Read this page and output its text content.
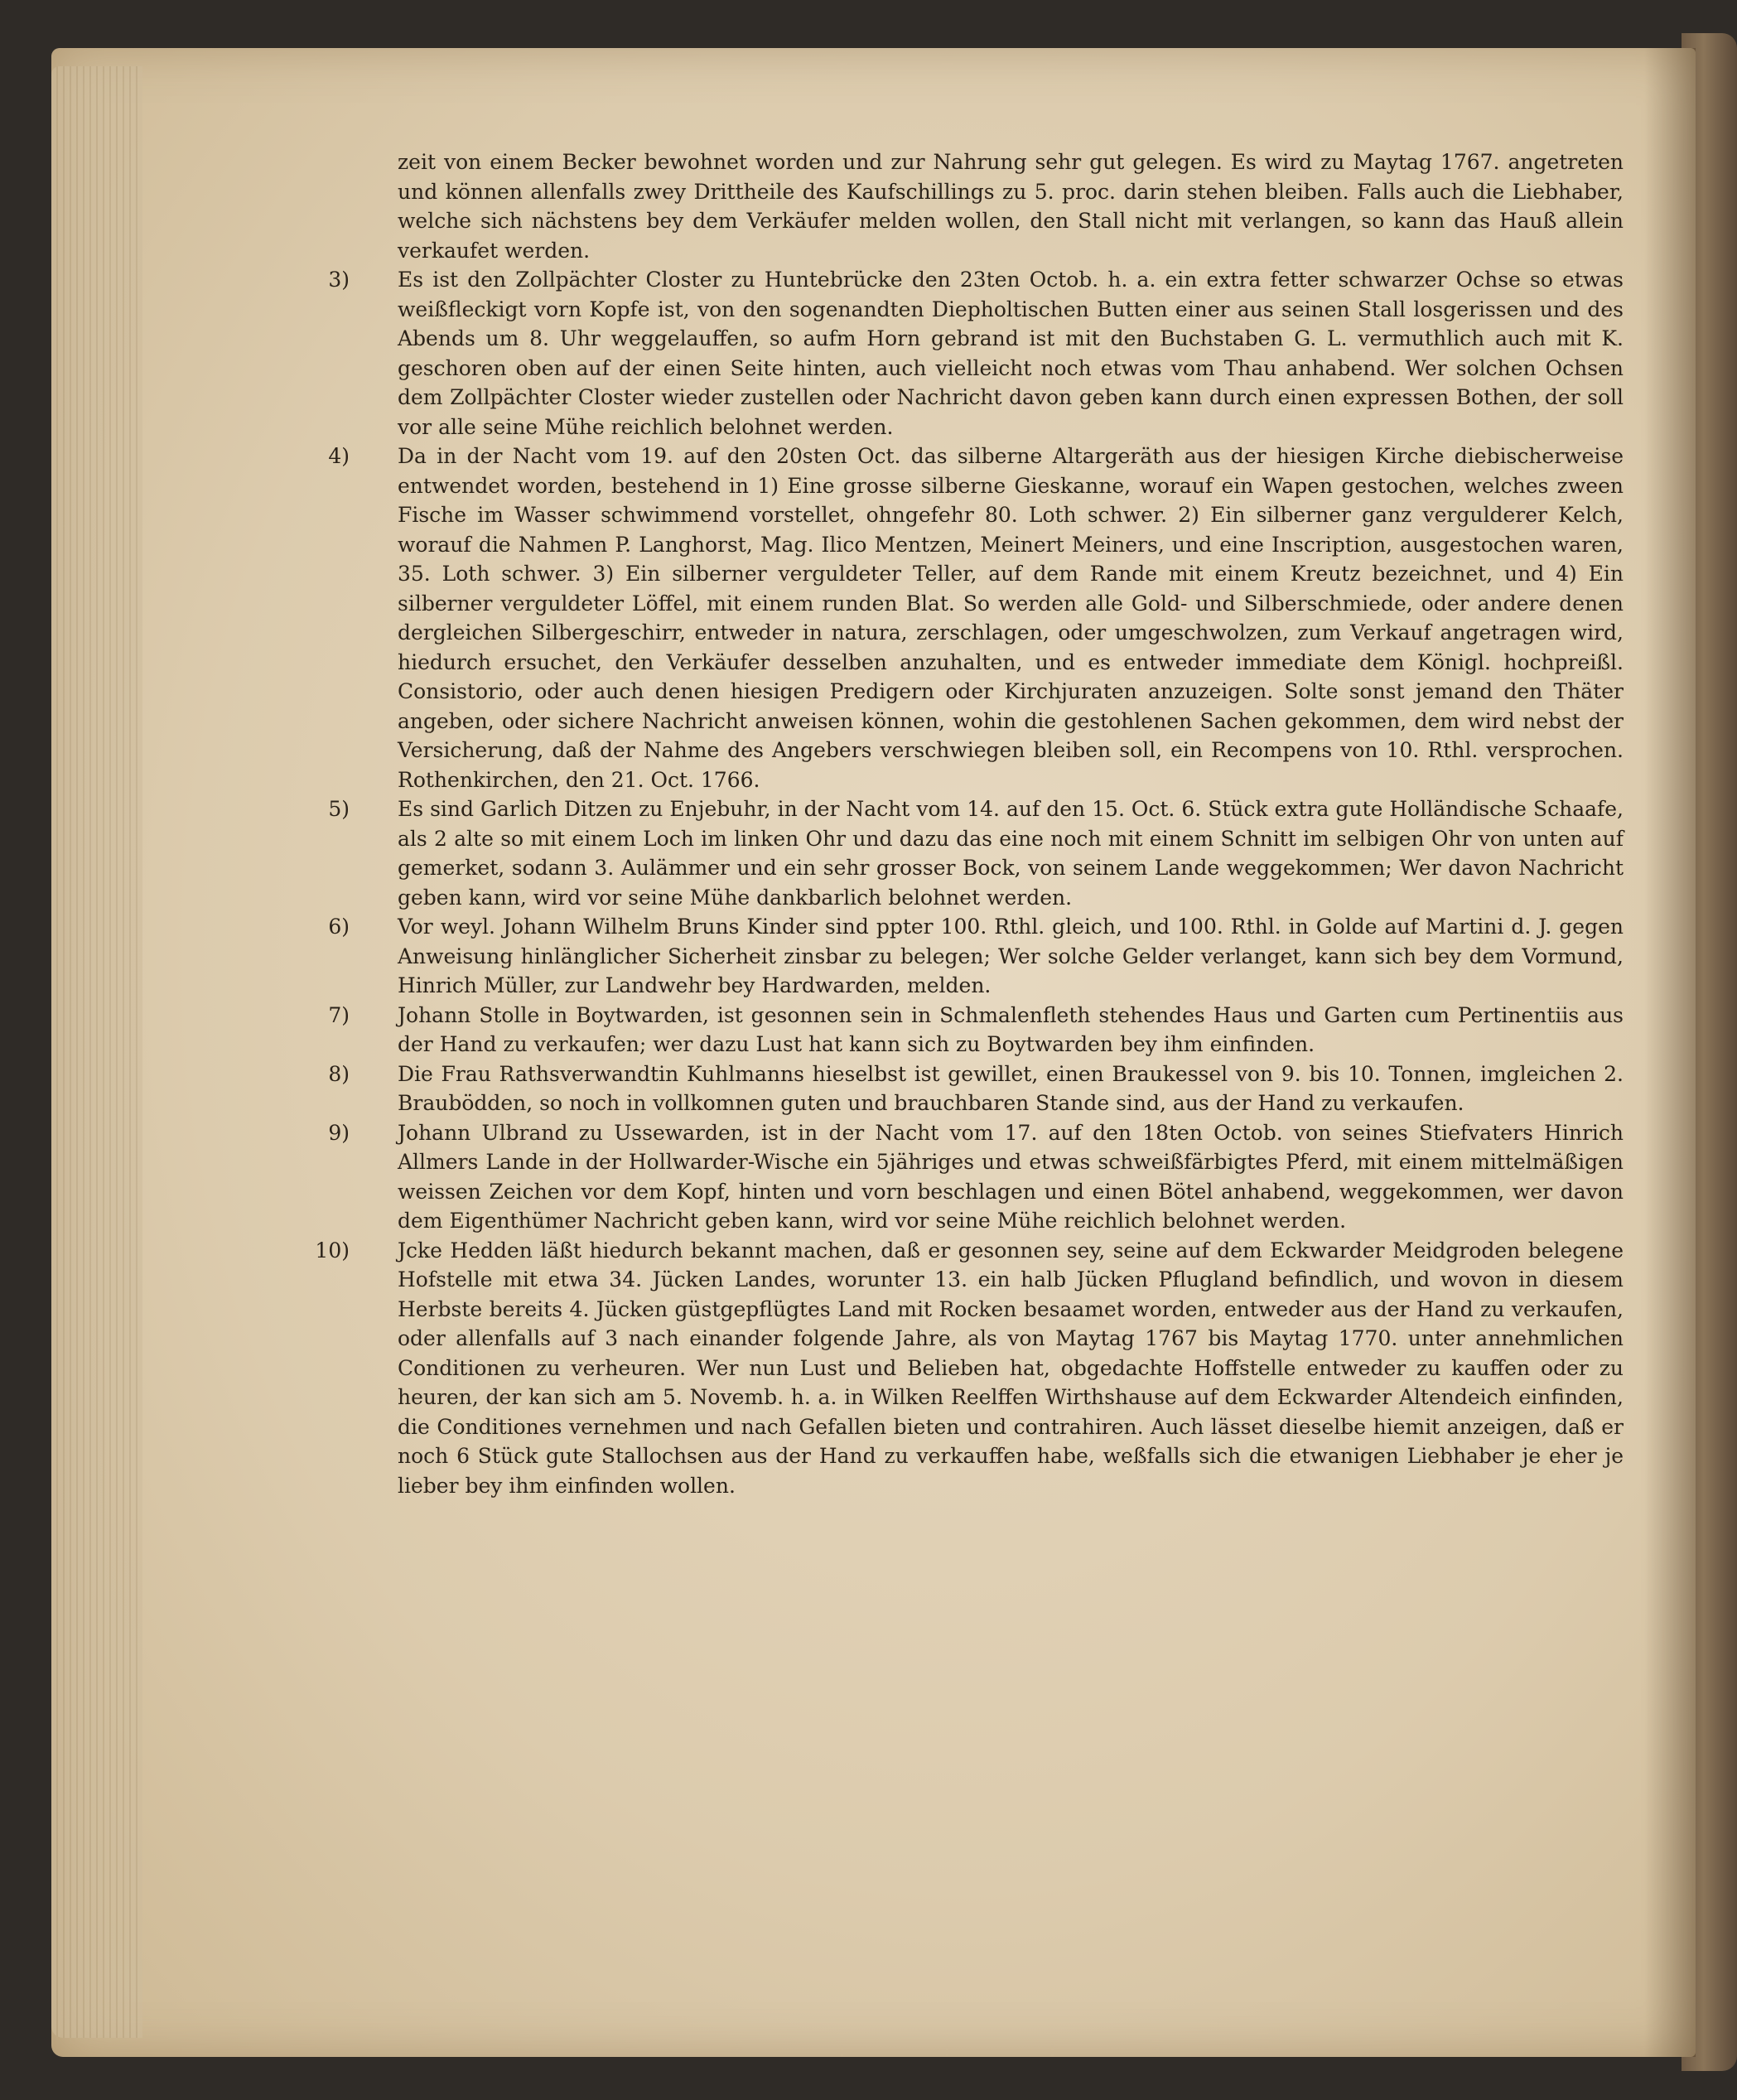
zeit von einem Becker bewohnet worden und zur Nahrung sehr gut gelegen. Es wird zu Maytag 1767. angetreten und können allenfalls zwey Drittheile des Kaufschillings zu 5. proc. darin stehen bleiben. Falls auch die Liebhaber, welche sich nächstens bey dem Verkäufer melden wollen, den Stall nicht mit verlangen, so kann das Hauß allein verkaufet werden.

3) Es ist den Zollpächter Closter zu Huntebrücke den 23ten Octob. h. a. ein extra fetter schwarzer Ochse so etwas weißfleckigt vorn Kopfe ist, von den sogenandten Diepholtischen Butten einer aus seinen Stall losgerissen und des Abends um 8. Uhr weggelauffen, so aufm Horn gebrand ist mit den Buchstaben G. L. vermuthlich auch mit K. geschoren oben auf der einen Seite hinten, auch vielleicht noch etwas vom Thau anhabend. Wer solchen Ochsen dem Zollpächter Closter wieder zustellen oder Nachricht davon geben kann durch einen expressen Bothen, der soll vor alle seine Mühe reichlich belohnet werden.

4) Da in der Nacht vom 19. auf den 20sten Oct. das silberne Altargeräth aus der hiesigen Kirche diebischerweise entwendet worden, bestehend in 1) Eine grosse silberne Gieskanne, worauf ein Wapen gestochen, welches zween Fische im Wasser schwimmend vorstellet, ohngefehr 80. Loth schwer. 2) Ein silberner ganz vergulderer Kelch, worauf die Nahmen P. Langhorst, Mag. Ilico Mentzen, Meinert Meiners, und eine Inscription, ausgestochen waren, 35. Loth schwer. 3) Ein silberner verguldeter Teller, auf dem Rande mit einem Kreutz bezeichnet, und 4) Ein silberner verguldeter Löffel, mit einem runden Blat. So werden alle Gold- und Silberschmiede, oder andere denen dergleichen Silbergeschirr, entweder in natura, zerschlagen, oder umgeschwolzen, zum Verkauf angetragen wird, hiedurch ersuchet, den Verkäufer desselben anzuhalten, und es entweder immediate dem Königl. hochpreißl. Consistorio, oder auch denen hiesigen Predigern oder Kirchjuraten anzuzeigen. Solte sonst jemand den Thäter angeben, oder sichere Nachricht anweisen können, wohin die gestohlenen Sachen gekommen, dem wird nebst der Versicherung, daß der Nahme des Angebers verschwiegen bleiben soll, ein Recompens von 10. Rthl. versprochen. Rothenkirchen, den 21. Oct. 1766.

5) Es sind Garlich Ditzen zu Enjebuhr, in der Nacht vom 14. auf den 15. Oct. 6. Stück extra gute Holländische Schaafe, als 2 alte so mit einem Loch im linken Ohr und dazu das eine noch mit einem Schnitt im selbigen Ohr von unten auf gemerket, sodann 3. Aulämmer und ein sehr grosser Bock, von seinem Lande weggekommen; Wer davon Nachricht geben kann, wird vor seine Mühe dankbarlich belohnet werden.

6) Vor weyl. Johann Wilhelm Bruns Kinder sind ppter 100. Rthl. gleich, und 100. Rthl. in Golde auf Martini d. J. gegen Anweisung hinlänglicher Sicherheit zinsbar zu belegen; Wer solche Gelder verlanget, kann sich bey dem Vormund, Hinrich Müller, zur Landwehr bey Hardwarden, melden.

7) Johann Stolle in Boytwarden, ist gesonnen sein in Schmalenfleth stehendes Haus und Garten cum Pertinentiis aus der Hand zu verkaufen; wer dazu Lust hat kann sich zu Boytwarden bey ihm einfinden.

8) Die Frau Rathsverwandtin Kuhlmanns hieselbst ist gewillet, einen Braukessel von 9. bis 10. Tonnen, imgleichen 2. Braubödden, so noch in vollkomnen guten und brauchbaren Stande sind, aus der Hand zu verkaufen.

9) Johann Ulbrand zu Ussewarden, ist in der Nacht vom 17. auf den 18ten Octob. von seines Stiefvaters Hinrich Allmers Lande in der Hollwarder-Wische ein 5jähriges und etwas schweißfärbigtes Pferd, mit einem mittelmäßigen weissen Zeichen vor dem Kopf, hinten und vorn beschlagen und einen Bötel anhabend, weggekommen, wer davon dem Eigenthümer Nachricht geben kann, wird vor seine Mühe reichlich belohnet werden.

10) Jcke Hedden läßt hiedurch bekannt machen, daß er gesonnen sey, seine auf dem Eckwarder Meidgroden belegene Hofstelle mit etwa 34. Jücken Landes, worunter 13. ein halb Jücken Pflugland befindlich, und wovon in diesem Herbste bereits 4. Jücken güstgepflügtes Land mit Rocken besaamet worden, entweder aus der Hand zu verkaufen, oder allenfalls auf 3 nach einander folgende Jahre, als von Maytag 1767 bis Maytag 1770. unter annehmlichen Conditionen zu verheuren. Wer nun Lust und Belieben hat, obgedachte Hoffstelle entweder zu kauffen oder zu heuren, der kan sich am 5. Novemb. h. a. in Wilken Reelffen Wirthshause auf dem Eckwarder Altendeich einfinden, die Conditiones vernehmen und nach Gefallen bieten und contrahiren. Auch lässet dieselbe hiemit anzeigen, daß er noch 6 Stück gute Stallochsen aus der Hand zu verkauffen habe, weßfalls sich die etwanigen Liebhaber je eher je lieber bey ihm einfinden wollen.
